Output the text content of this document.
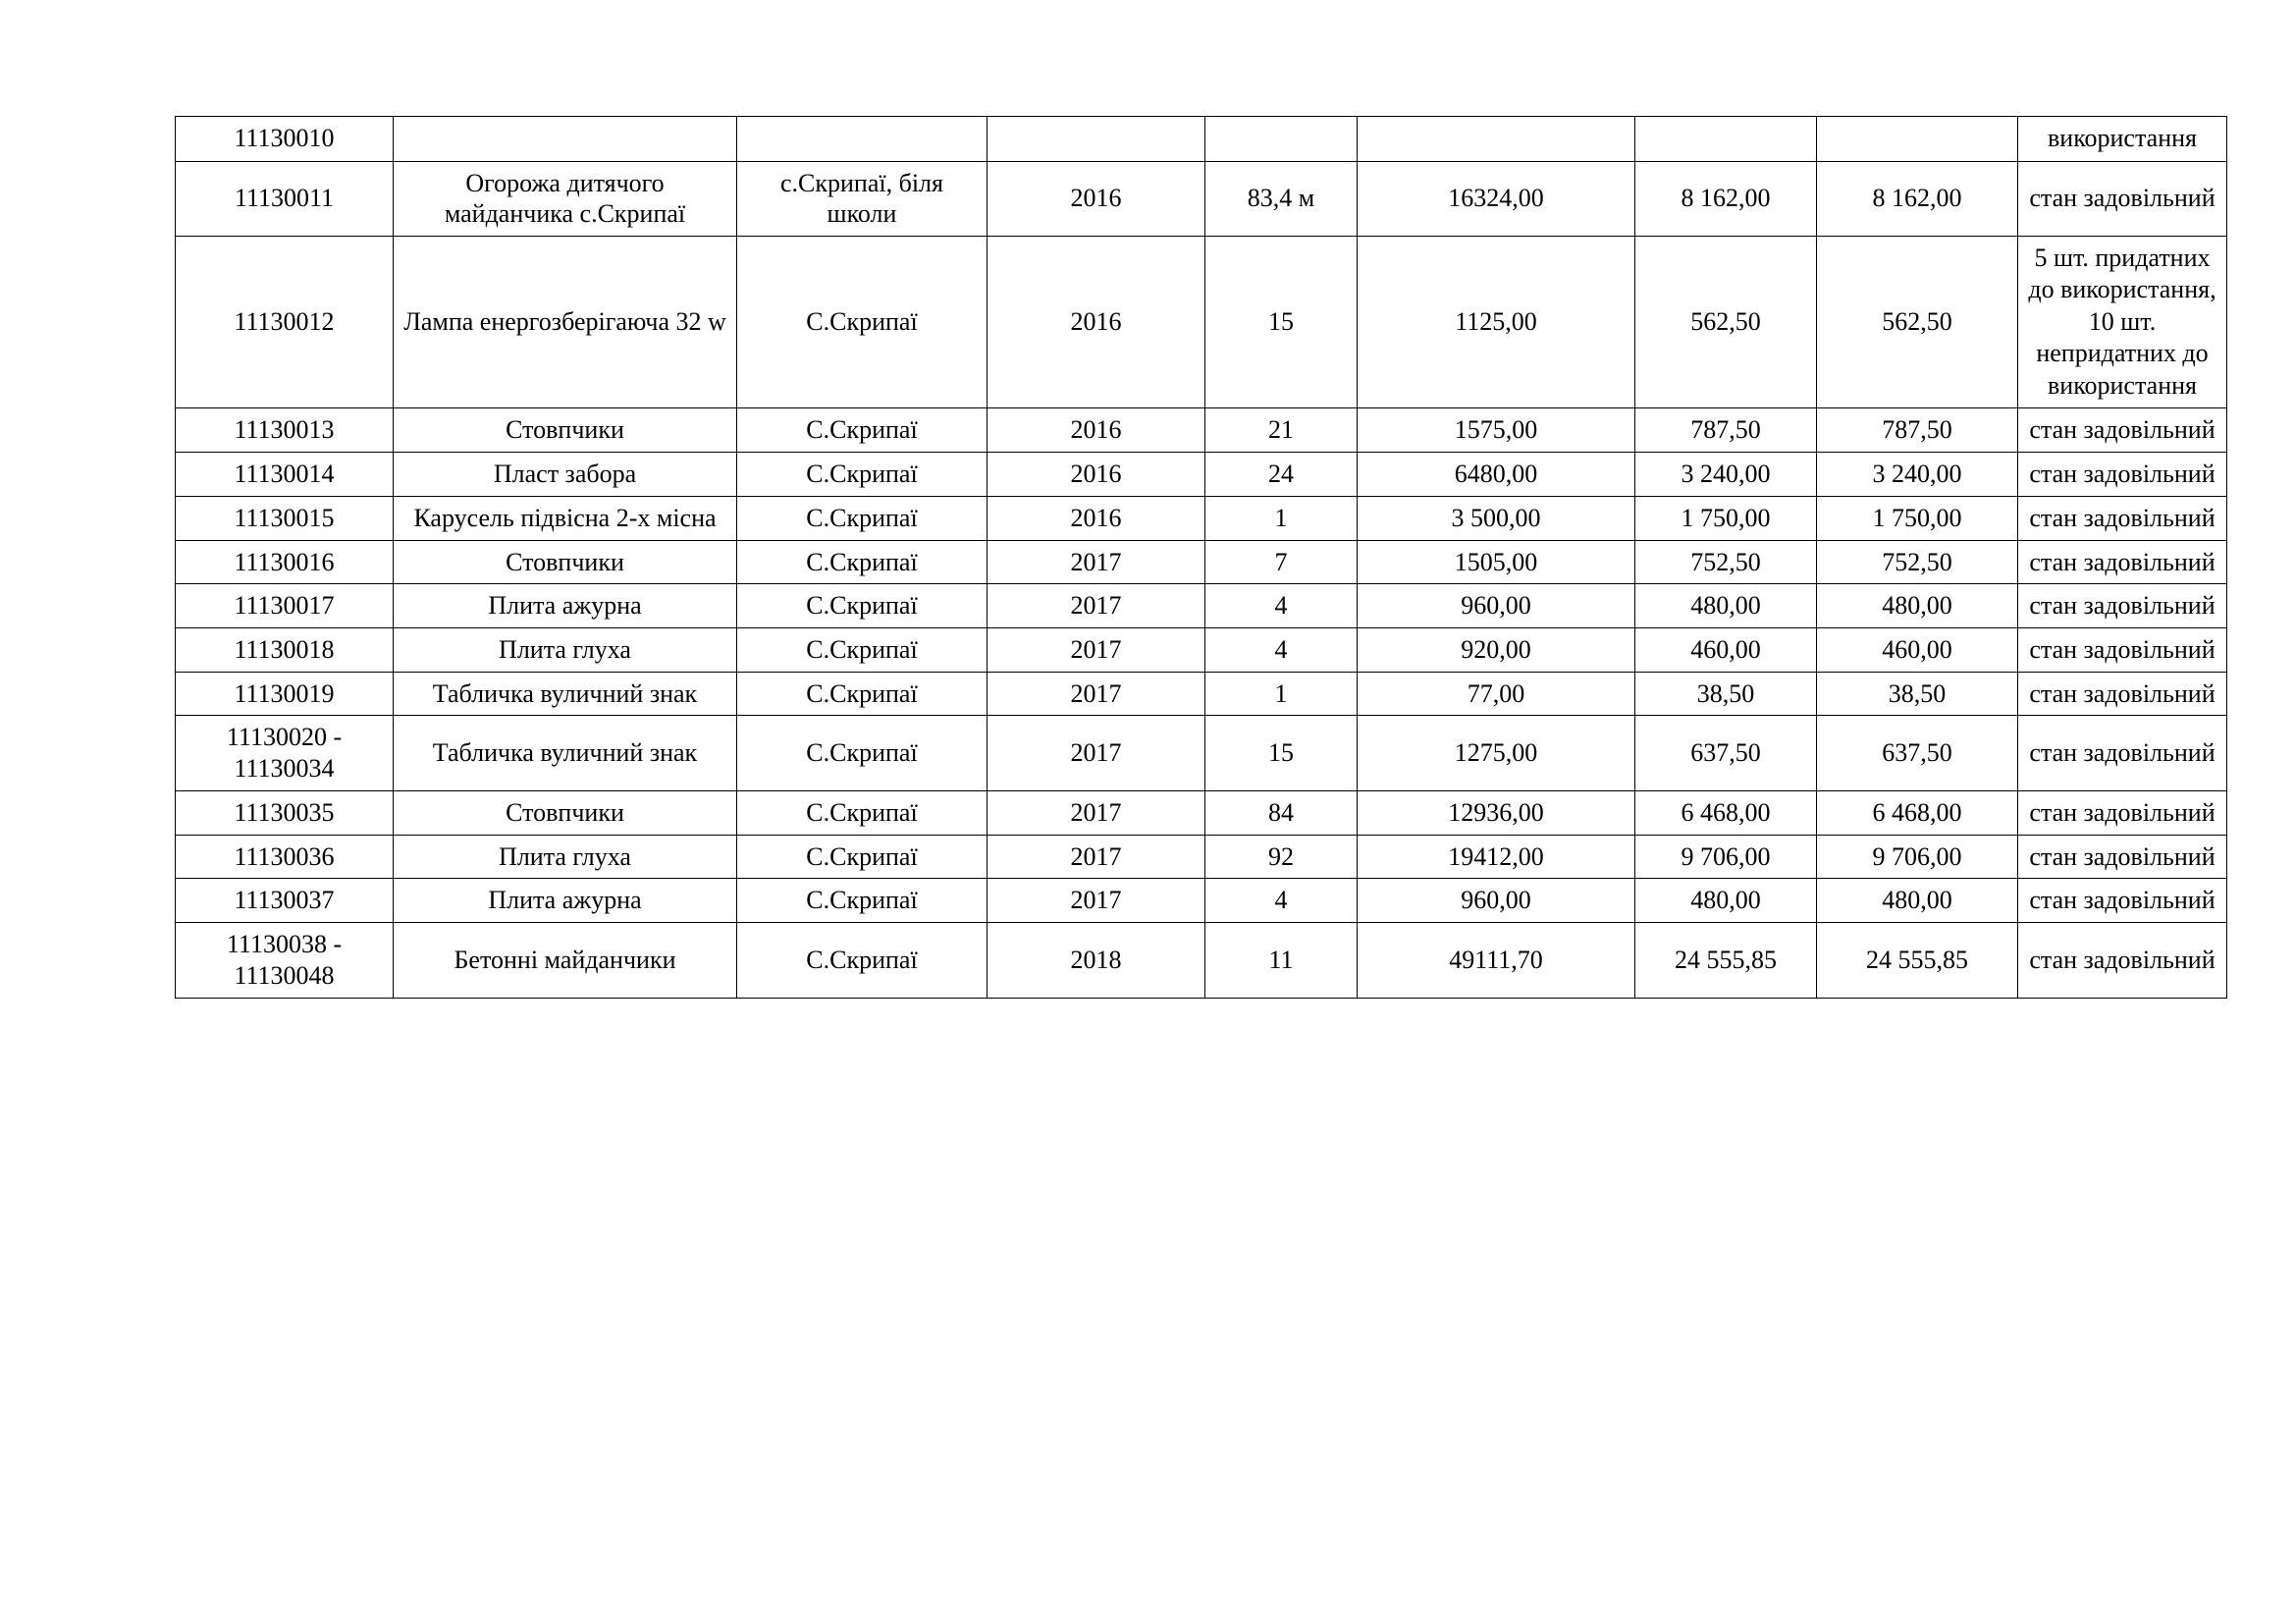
11130010								використання
11130011	Огорожа дитячого майданчика с.Скрипаї	с.Скрипаї, біля школи	2016	83,4 м	16324,00	8 162,00	8 162,00	стан задовільний
11130012	Лампа енергозберігаюча 32 w	С.Скрипаї	2016	15	1125,00	562,50	562,50	5 шт. придатних до використання, 10 шт. непридатних до використання
11130013	Стовпчики	С.Скрипаї	2016	21	1575,00	787,50	787,50	стан задовільний
11130014	Пласт забора	С.Скрипаї	2016	24	6480,00	3 240,00	3 240,00	стан задовільний
11130015	Карусель підвісна 2-х місна	С.Скрипаї	2016	1	3 500,00	1 750,00	1 750,00	стан задовільний
11130016	Стовпчики	С.Скрипаї	2017	7	1505,00	752,50	752,50	стан задовільний
11130017	Плита ажурна	С.Скрипаї	2017	4	960,00	480,00	480,00	стан задовільний
11130018	Плита глуха	С.Скрипаї	2017	4	920,00	460,00	460,00	стан задовільний
11130019	Табличка вуличний знак	С.Скрипаї	2017	1	77,00	38,50	38,50	стан задовільний
11130020 - 11130034	Табличка вуличний знак	С.Скрипаї	2017	15	1275,00	637,50	637,50	стан задовільний
11130035	Стовпчики	С.Скрипаї	2017	84	12936,00	6 468,00	6 468,00	стан задовільний
11130036	Плита глуха	С.Скрипаї	2017	92	19412,00	9 706,00	9 706,00	стан задовільний
11130037	Плита ажурна	С.Скрипаї	2017	4	960,00	480,00	480,00	стан задовільний
11130038 - 11130048	Бетонні майданчики	С.Скрипаї	2018	11	49111,70	24 555,85	24 555,85	стан задовільний
